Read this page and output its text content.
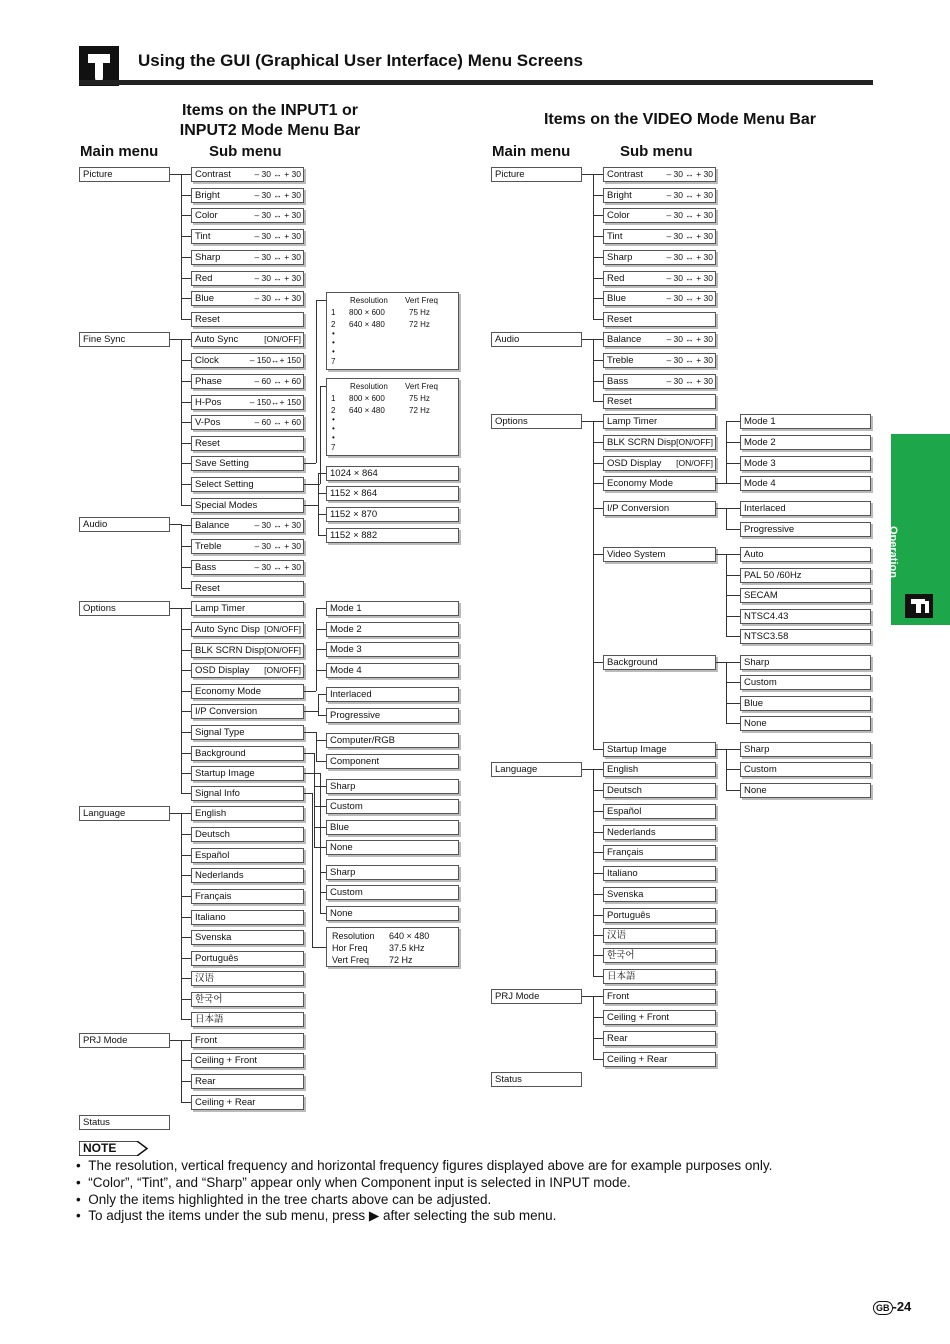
Using the GUI (Graphical User Interface) Menu Screens
Items on the INPUT1 or
INPUT2 Mode Menu Bar
Items on the VIDEO Mode Menu Bar
Main menu	Sub menu	Main menu	Sub menu
Picture
Fine Sync
Audio
Options
Language
PRJ Mode
Status
Contrast	– 30 ↔ + 30
Bright	– 30 ↔ + 30
Color	– 30 ↔ + 30
Tint	– 30 ↔ + 30
Sharp	– 30 ↔ + 30
Red	– 30 ↔ + 30
Blue	– 30 ↔ + 30
Reset
Auto Sync	[ON/OFF]
Clock	– 150↔+ 150
Phase	– 60 ↔ + 60
H-Pos	– 150↔+ 150
V-Pos	– 60 ↔ + 60
Reset
Save Setting
Select Setting
Special Modes
Balance	– 30 ↔ + 30
Treble	– 30 ↔ + 30
Bass	– 30 ↔ + 30
Reset
Lamp Timer
Auto Sync Disp [ON/OFF]
BLK SCRN Disp [ON/OFF]
OSD Display [ON/OFF]
Economy Mode
I/P Conversion
Signal Type
Background
Startup Image
Signal Info
English
Deutsch
Español
Nederlands
Français
Italiano
Svenska
Português
汉语
한국어
日本語
Front
Ceiling + Front
Rear
Ceiling + Rear
Resolution Vert Freq
1 800 × 600	75 Hz
2 640 × 480	72 Hz
• • •
7
Resolution Vert Freq
1 800 × 600	75 Hz
2 640 × 480	72 Hz
• • •
7
1024 × 864
1152 × 864
1152 × 870
1152 × 882
Mode 1
Mode 2
Mode 3
Mode 4
Interlaced
Progressive
Computer/RGB
Component
Sharp
Custom
Blue
None
Sharp
Custom
None
Resolution 640 × 480
Hor Freq 37.5 kHz
Vert Freq 72 Hz
Picture
Audio
Options
Language
PRJ Mode
Status
Contrast	– 30 ↔ + 30
Bright	– 30 ↔ + 30
Color	– 30 ↔ + 30
Tint	– 30 ↔ + 30
Sharp	– 30 ↔ + 30
Red	– 30 ↔ + 30
Blue	– 30 ↔ + 30
Reset
Balance	– 30 ↔ + 30
Treble	– 30 ↔ + 30
Bass	– 30 ↔ + 30
Reset
Lamp Timer
BLK SCRN Disp [ON/OFF]
OSD Display [ON/OFF]
Economy Mode
I/P Conversion
Video System
Background
Startup Image
English
Deutsch
Español
Nederlands
Français
Italiano
Svenska
Português
汉语
한국어
日本語
Front
Ceiling + Front
Rear
Ceiling + Rear
Mode 1
Mode 2
Mode 3
Mode 4
Interlaced
Progressive
Auto
PAL 50 /60Hz
SECAM
NTSC4.43
NTSC3.58
Sharp
Custom
Blue
None
Sharp
Custom
None
Operation
NOTE
•  The resolution, vertical frequency and horizontal frequency figures displayed above are for example purposes only.
•  “Color”, “Tint”, and “Sharp” appear only when Component input is selected in INPUT mode.
•  Only the items highlighted in the tree charts above can be adjusted.
•  To adjust the items under the sub menu, press ▶ after selecting the sub menu.
GB -24
